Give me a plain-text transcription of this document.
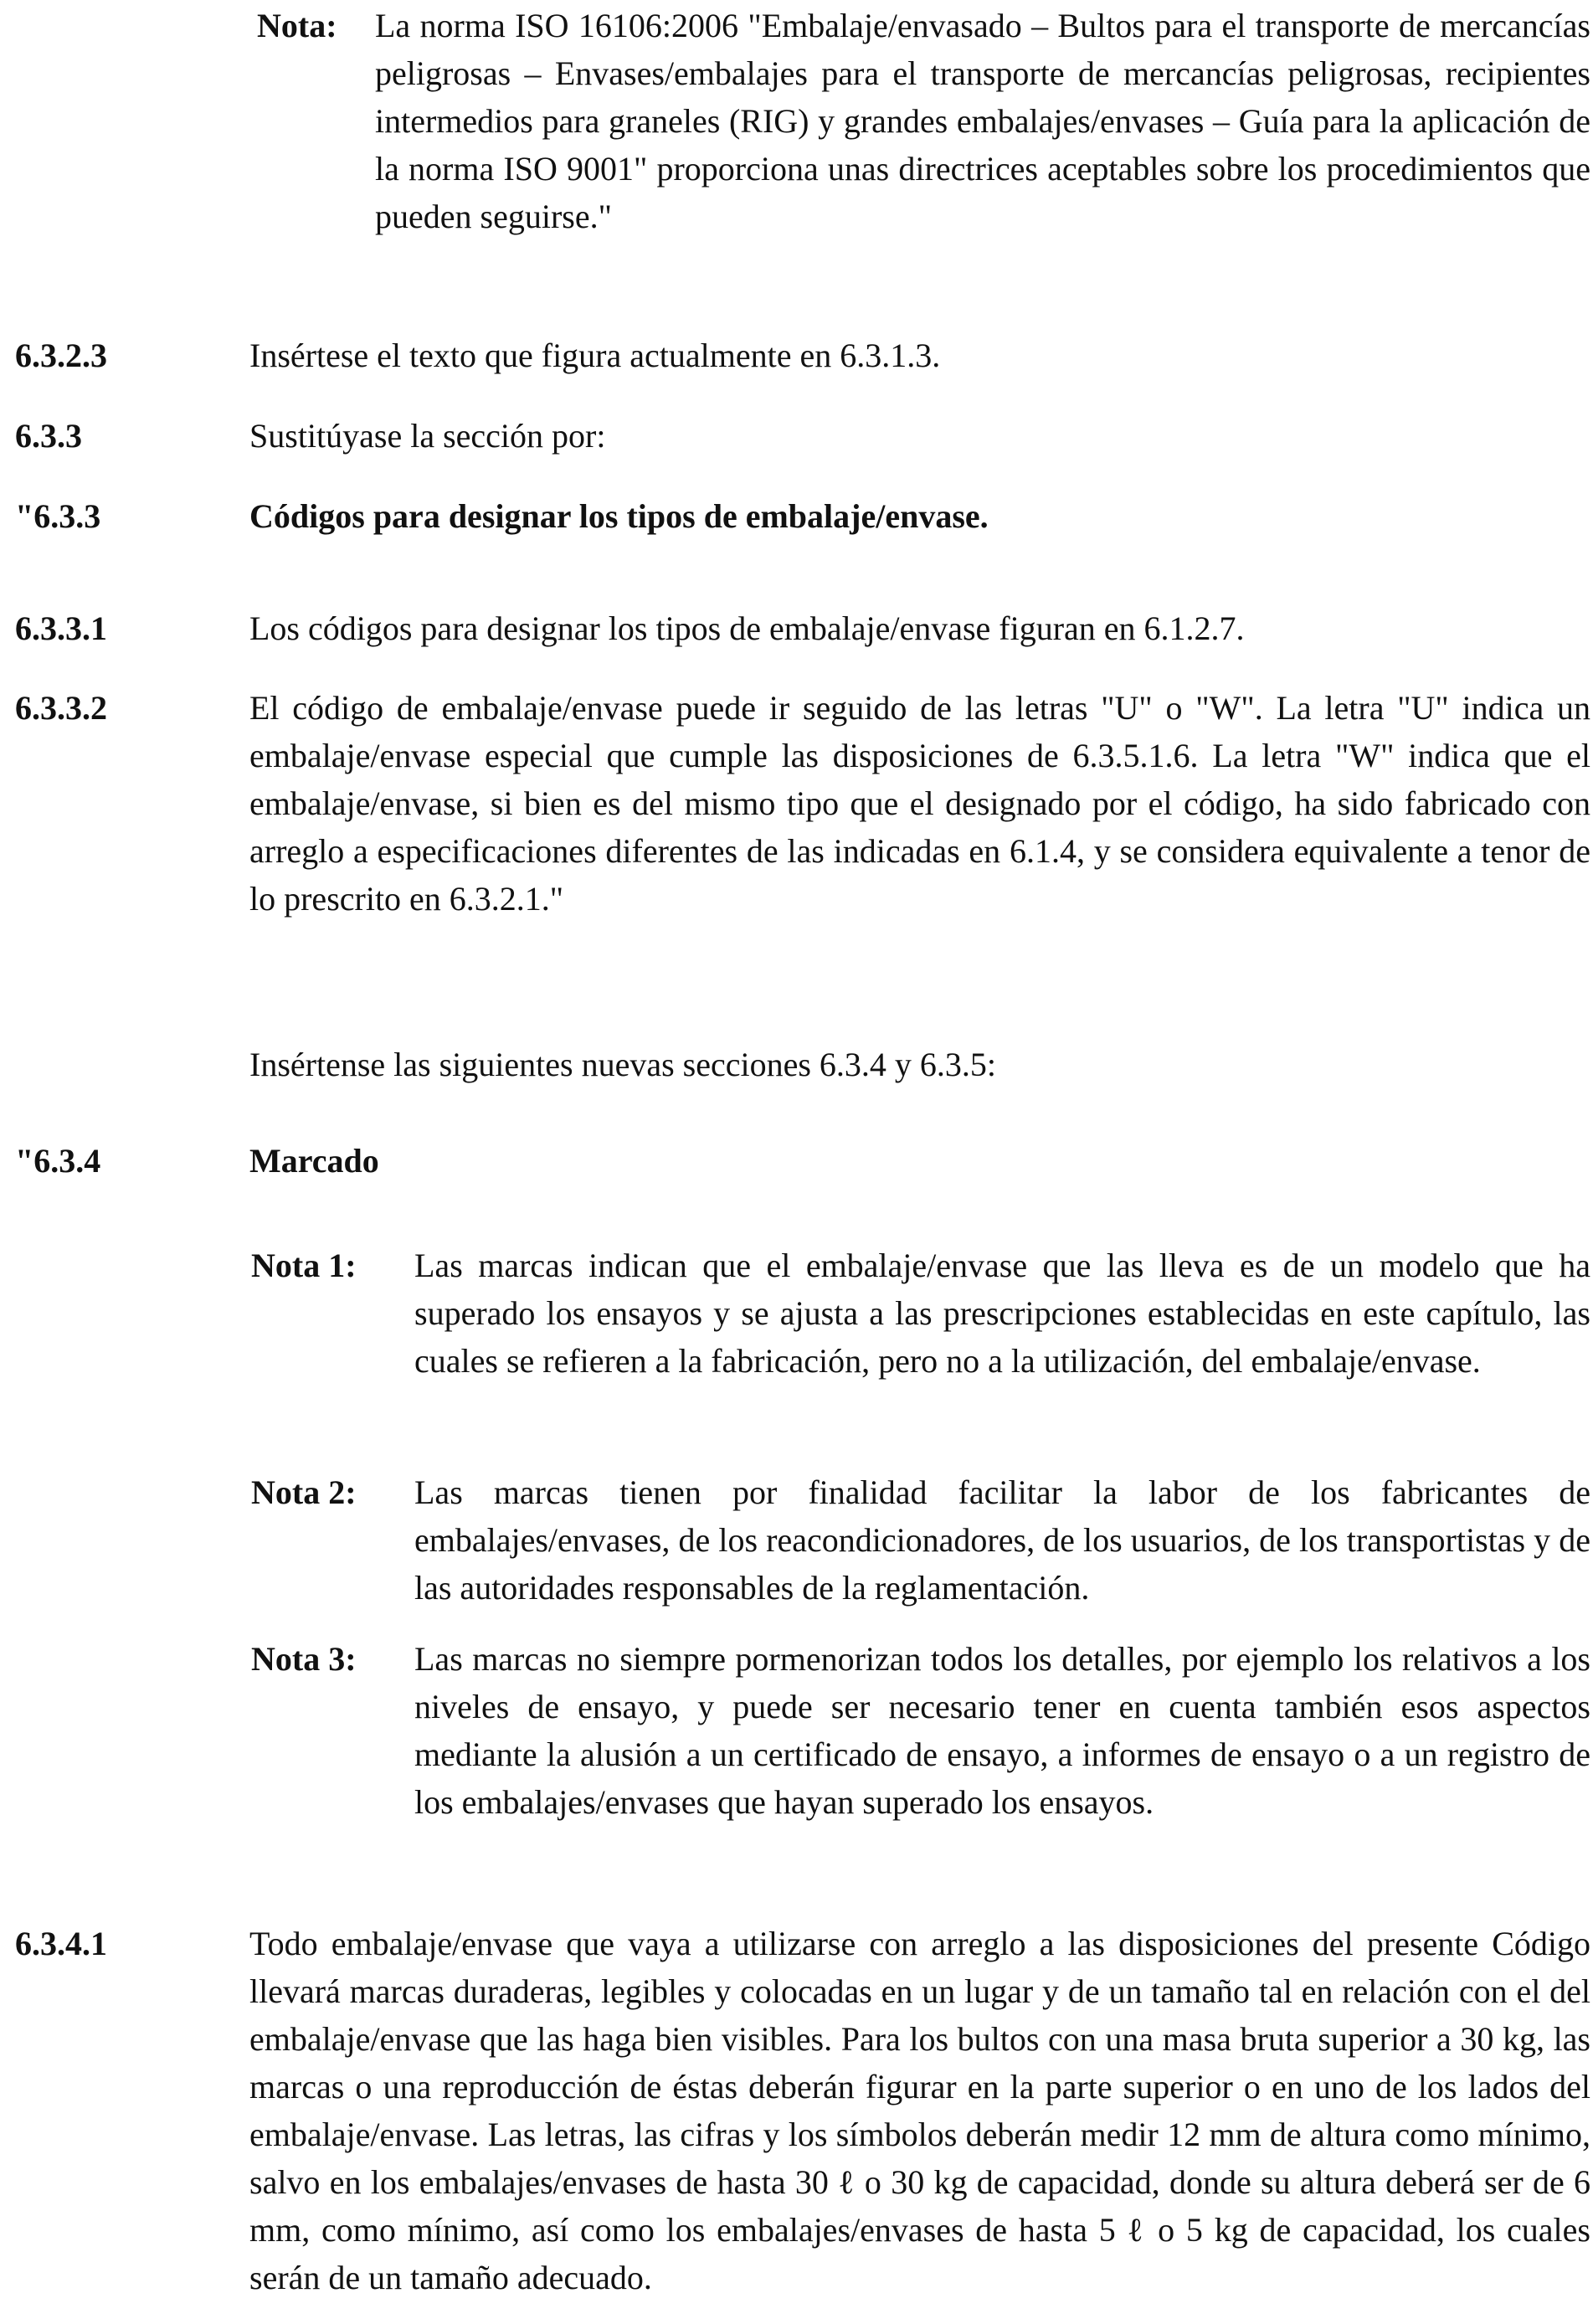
Nota: La norma ISO 16106:2006 "Embalaje/envasado – Bultos para el transporte de mercancías peligrosas – Envases/embalajes para el transporte de mercancías peligrosas, recipientes intermedios para graneles (RIG) y grandes embalajes/envases – Guía para la aplicación de la norma ISO 9001" proporciona unas directrices aceptables sobre los procedimientos que pueden seguirse."
6.3.2.3	Insértese el texto que figura actualmente en 6.3.1.3.
6.3.3	Sustitúyase la sección por:
"6.3.3	Códigos para designar los tipos de embalaje/envase.
6.3.3.1	Los códigos para designar los tipos de embalaje/envase figuran en 6.1.2.7.
6.3.3.2	El código de embalaje/envase puede ir seguido de las letras "U" o "W". La letra "U" indica un embalaje/envase especial que cumple las disposiciones de 6.3.5.1.6. La letra "W" indica que el embalaje/envase, si bien es del mismo tipo que el designado por el código, ha sido fabricado con arreglo a especificaciones diferentes de las indicadas en 6.1.4, y se considera equivalente a tenor de lo prescrito en 6.3.2.1."
Insértense las siguientes nuevas secciones 6.3.4 y 6.3.5:
"6.3.4	Marcado
Nota 1: Las marcas indican que el embalaje/envase que las lleva es de un modelo que ha superado los ensayos y se ajusta a las prescripciones establecidas en este capítulo, las cuales se refieren a la fabricación, pero no a la utilización, del embalaje/envase.
Nota 2: Las marcas tienen por finalidad facilitar la labor de los fabricantes de embalajes/envases, de los reacondicionadores, de los usuarios, de los transportistas y de las autoridades responsables de la reglamentación.
Nota 3: Las marcas no siempre pormenorizan todos los detalles, por ejemplo los relativos a los niveles de ensayo, y puede ser necesario tener en cuenta también esos aspectos mediante la alusión a un certificado de ensayo, a informes de ensayo o a un registro de los embalajes/envases que hayan superado los ensayos.
6.3.4.1	Todo embalaje/envase que vaya a utilizarse con arreglo a las disposiciones del presente Código llevará marcas duraderas, legibles y colocadas en un lugar y de un tamaño tal en relación con el del embalaje/envase que las haga bien visibles. Para los bultos con una masa bruta superior a 30 kg, las marcas o una reproducción de éstas deberán figurar en la parte superior o en uno de los lados del embalaje/envase. Las letras, las cifras y los símbolos deberán medir 12 mm de altura como mínimo, salvo en los embalajes/envases de hasta 30 ℓ o 30 kg de capacidad, donde su altura deberá ser de 6 mm, como mínimo, así como los embalajes/envases de hasta 5 ℓ o 5 kg de capacidad, los cuales serán de un tamaño adecuado.
